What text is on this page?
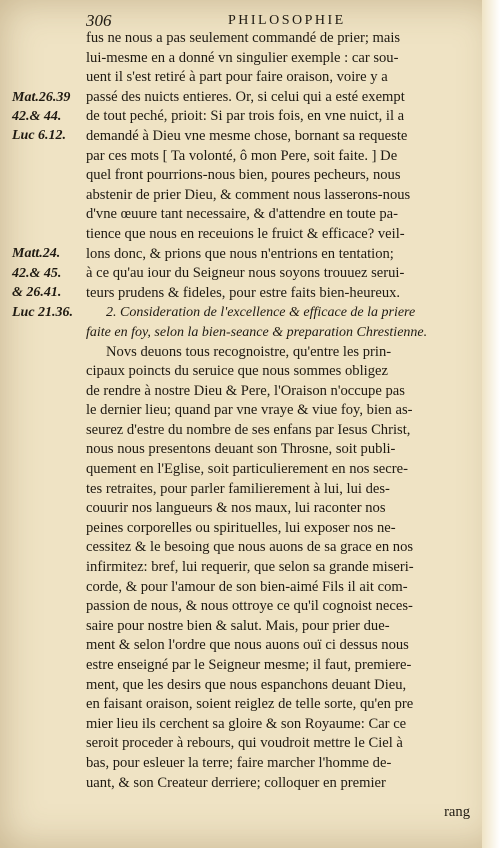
306	PHILOSOPHIE
Mat.26.39
42.& 44.
Luc 6.12.
Matt.24.
42.& 45.
& 26.41.
Luc 21.36.
fus ne nous a pas seulement commandé de prier; mais
lui-mesme en a donné vn singulier exemple : car sou-
uent il s'est retiré à part pour faire oraison, voire y a
passé des nuicts entieres. Or, si celui qui a esté exempt
de tout peché, prioit: Si par trois fois, en vne nuict, il a
demandé à Dieu vne mesme chose, bornant sa requeste
par ces mots [ Ta volonté, ô mon Pere, soit faite. ] De
quel front pourrions-nous bien, poures pecheurs, nous
abstenir de prier Dieu, & comment nous lasserons-nous
d'vne œuure tant necessaire, & d'attendre en toute pa-
tience que nous en receuions le fruict & efficace? veil-
lons donc, & prions que nous n'entrions en tentation;
à ce qu'au iour du Seigneur nous soyons trouuez serui-
teurs prudens & fideles, pour estre faits bien-heureux.
2. Consideration de l'excellence & efficace de la priere
faite en foy, selon la bien-seance & preparation Chrestienne.
Novs deuons tous recognoistre, qu'entre les prin-
cipaux poincts du seruice que nous sommes obligez
de rendre à nostre Dieu & Pere, l'Oraison n'occupe pas
le dernier lieu; quand par vne vraye & viue foy, bien as-
seurez d'estre du nombre de ses enfans par Iesus Christ,
nous nous presentons deuant son Throsne, soit publi-
quement en l'Eglise, soit particulierement en nos secre-
tes retraites, pour parler familierement à lui, lui des-
couurir nos langueurs & nos maux, lui raconter nos
peines corporelles ou spirituelles, lui exposer nos ne-
cessitez & le besoing que nous auons de sa grace en nos
infirmitez: bref, lui requerir, que selon sa grande miseri-
corde, & pour l'amour de son bien-aimé Fils il ait com-
passion de nous, & nous ottroye ce qu'il cognoist neces-
saire pour nostre bien & salut. Mais, pour prier due-
ment & selon l'ordre que nous auons ouï ci dessus nous
estre enseigné par le Seigneur mesme; il faut, premiere-
ment, que les desirs que nous espanchons deuant Dieu,
en faisant oraison, soient reiglez de telle sorte, qu'en pre
mier lieu ils cerchent sa gloire & son Royaume: Car ce
seroit proceder à rebours, qui voudroit mettre le Ciel à
bas, pour esleuer la terre; faire marcher l'homme de-
uant, & son Createur derriere; colloquer en premier
rang
